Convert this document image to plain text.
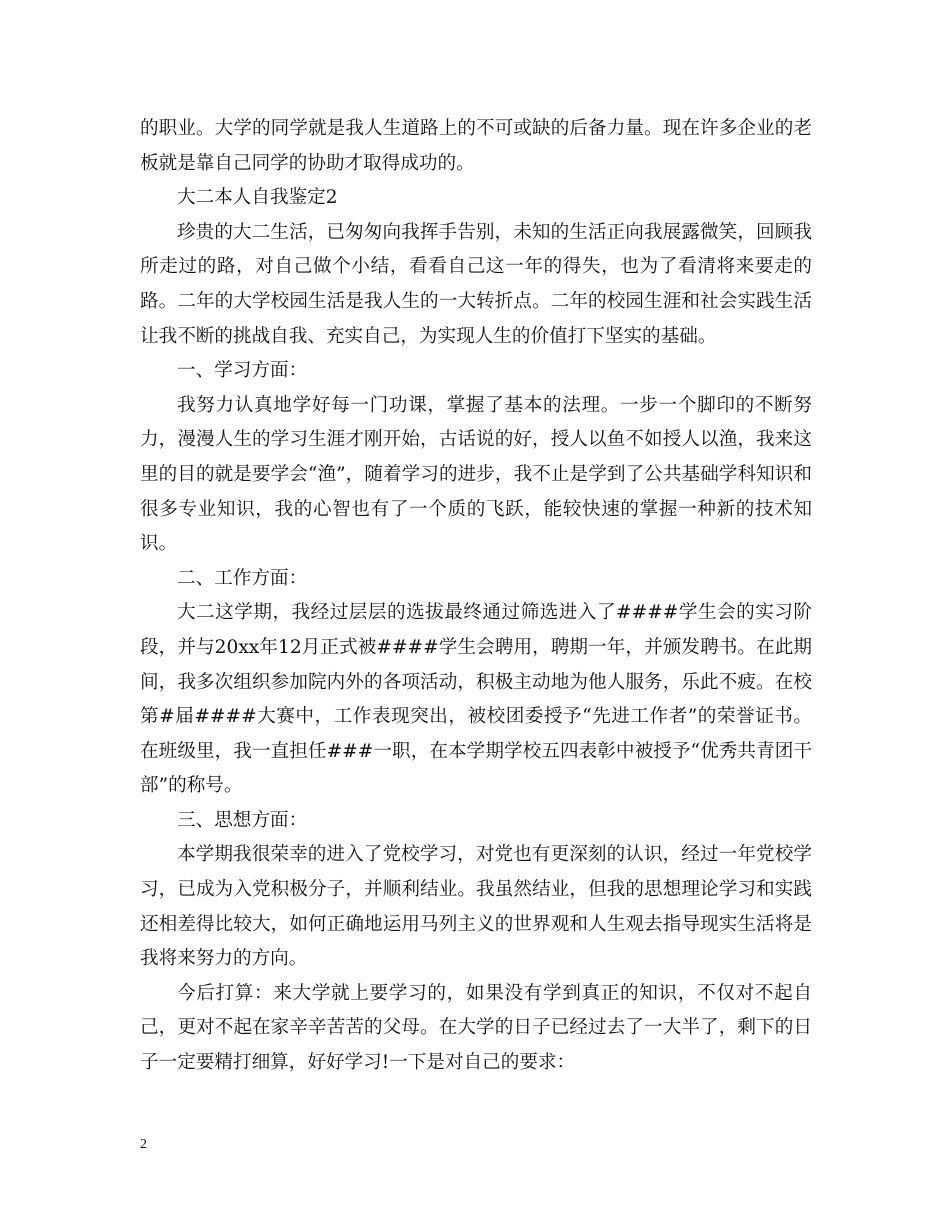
的职业。大学的同学就是我人生道路上的不可或缺的后备力量。现在许多企业的老板就是靠自己同学的协助才取得成功的。

大二本人自我鉴定2

珍贵的大二生活，已匆匆向我挥手告别，未知的生活正向我展露微笑，回顾我所走过的路，对自己做个小结，看看自己这一年的得失，也为了看清将来要走的路。二年的大学校园生活是我人生的一大转折点。二年的校园生涯和社会实践生活让我不断的挑战自我、充实自己，为实现人生的价值打下坚实的基础。

一、学习方面：

我努力认真地学好每一门功课，掌握了基本的法理。一步一个脚印的不断努力，漫漫人生的学习生涯才刚开始，古话说的好，授人以鱼不如授人以渔，我来这里的目的就是要学会“渔”，随着学习的进步，我不止是学到了公共基础学科知识和很多专业知识，我的心智也有了一个质的飞跃，能较快速的掌握一种新的技术知识。

二、工作方面：

大二这学期，我经过层层的选拔最终通过筛选进入了####学生会的实习阶段，并与20xx年12月正式被####学生会聘用，聘期一年，并颁发聘书。在此期间，我多次组织参加院内外的各项活动，积极主动地为他人服务，乐此不疲。在校第#届####大赛中，工作表现突出，被校团委授予“先进工作者”的荣誉证书。 在班级里，我一直担任###一职，在本学期学校五四表彰中被授予“优秀共青团干部”的称号。

三、思想方面：

本学期我很荣幸的进入了党校学习，对党也有更深刻的认识，经过一年党校学习，已成为入党积极分子，并顺利结业。我虽然结业，但我的思想理论学习和实践还相差得比较大，如何正确地运用马列主义的世界观和人生观去指导现实生活将是我将来努力的方向。

今后打算：来大学就上要学习的，如果没有学到真正的知识，不仅对不起自己，更对不起在家辛辛苦苦的父母。在大学的日子已经过去了一大半了，剩下的日子一定要精打细算，好好学习!一下是对自己的要求：

2
